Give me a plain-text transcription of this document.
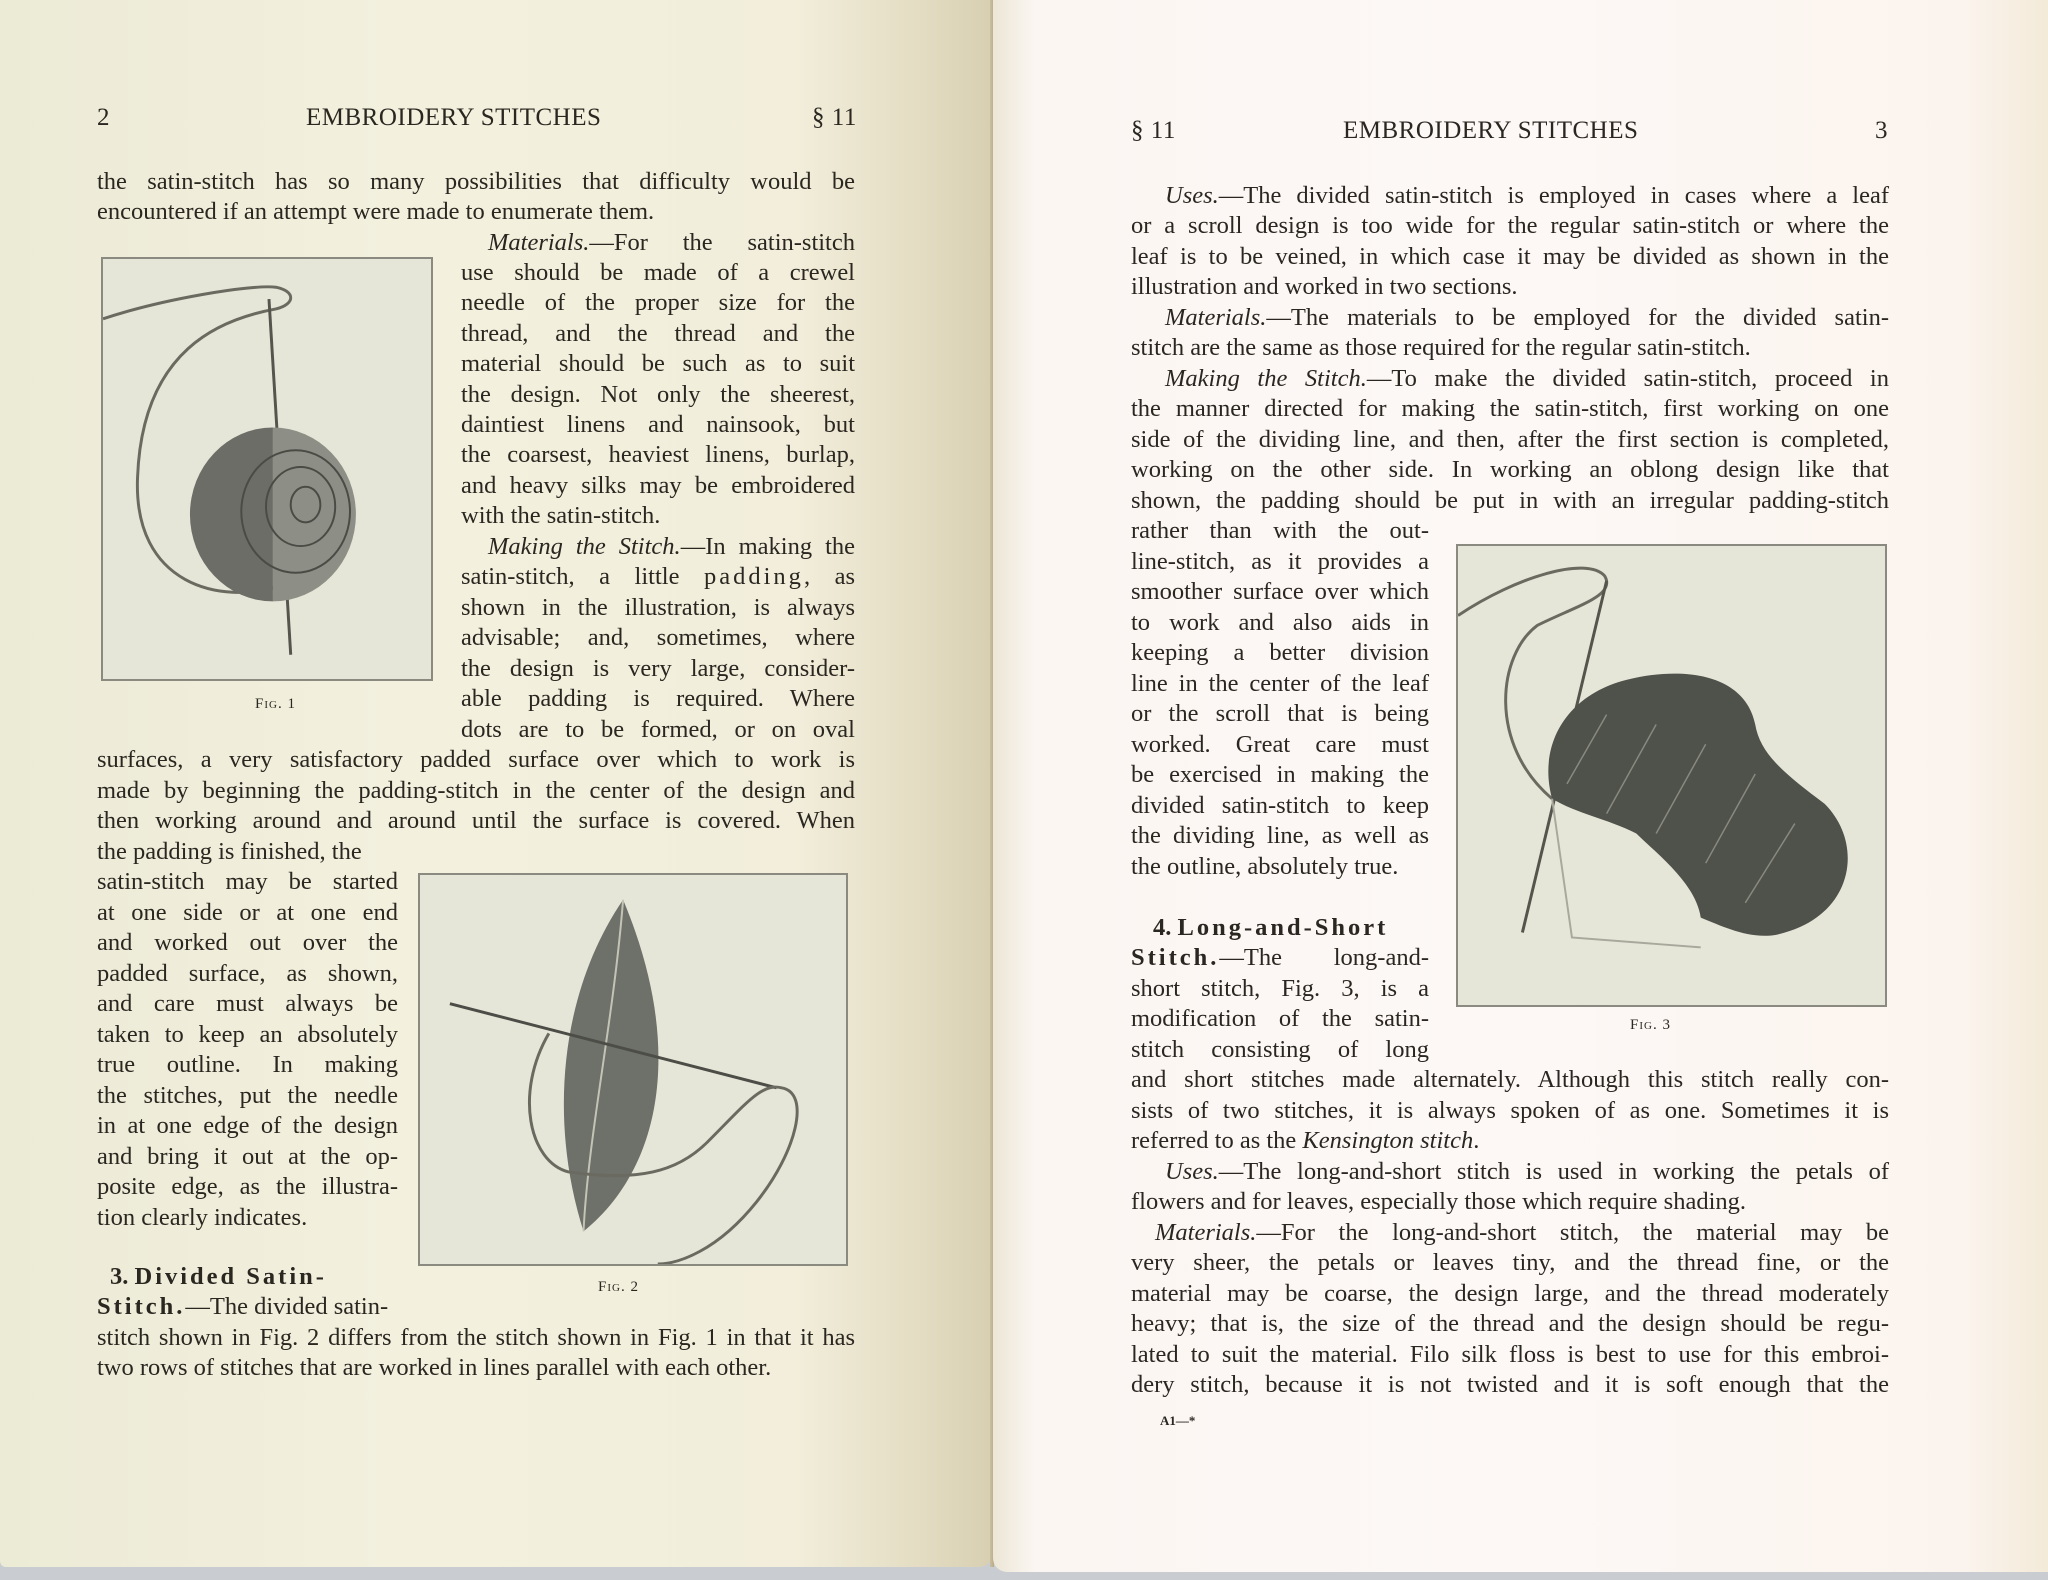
2	EMBROIDERY STITCHES	§ 11
the satin-stitch has so many possibilities that difficulty would be
encountered if an attempt were made to enumerate them.
Materials.—For the satin-stitch
use should be made of a crewel
needle of the proper size for the
thread, and the thread and the
material should be such as to suit
the design. Not only the sheerest,
daintiest linens and nainsook, but
the coarsest, heaviest linens, burlap,
and heavy silks may be embroidered
with the satin-stitch.
Making the Stitch.—In making the
satin-stitch, a little padding, as
shown in the illustration, is always
advisable; and, sometimes, where
the design is very large, consider-
able padding is required. Where
dots are to be formed, or on oval
surfaces, a very satisfactory padded surface over which to work is
made by beginning the padding-stitch in the center of the design and
then working around and around until the surface is covered. When
the padding is finished, the
satin-stitch may be started
at one side or at one end
and worked out over the
padded surface, as shown,
and care must always be
taken to keep an absolutely
true outline. In making
the stitches, put the needle
in at one edge of the design
and bring it out at the op-
posite edge, as the illustra-
tion clearly indicates.
3. Divided Satin-
Stitch.—The divided satin-
stitch shown in Fig. 2 differs from the stitch shown in Fig. 1 in that it has
two rows of stitches that are worked in lines parallel with each other.
Fig. 1
Fig. 2
§ 11	EMBROIDERY STITCHES	3
Uses.—The divided satin-stitch is employed in cases where a leaf
or a scroll design is too wide for the regular satin-stitch or where the
leaf is to be veined, in which case it may be divided as shown in the
illustration and worked in two sections.
Materials.—The materials to be employed for the divided satin-
stitch are the same as those required for the regular satin-stitch.
Making the Stitch.—To make the divided satin-stitch, proceed in
the manner directed for making the satin-stitch, first working on one
side of the dividing line, and then, after the first section is completed,
working on the other side. In working an oblong design like that
shown, the padding should be put in with an irregular padding-stitch
rather than with the out-
line-stitch, as it provides a
smoother surface over which
to work and also aids in
keeping a better division
line in the center of the leaf
or the scroll that is being
worked. Great care must
be exercised in making the
divided satin-stitch to keep
the dividing line, as well as
the outline, absolutely true.
4. Long-and-Short
Stitch.—The long-and-
short stitch, Fig. 3, is a
modification of the satin-
stitch consisting of long
and short stitches made alternately. Although this stitch really con-
sists of two stitches, it is always spoken of as one. Sometimes it is
referred to as the Kensington stitch.
Uses.—The long-and-short stitch is used in working the petals of
flowers and for leaves, especially those which require shading.
Materials.—For the long-and-short stitch, the material may be
very sheer, the petals or leaves tiny, and the thread fine, or the
material may be coarse, the design large, and the thread moderately
heavy; that is, the size of the thread and the design should be regu-
lated to suit the material. Filo silk floss is best to use for this embroi-
dery stitch, because it is not twisted and it is soft enough that the
A1—*
Fig. 3
